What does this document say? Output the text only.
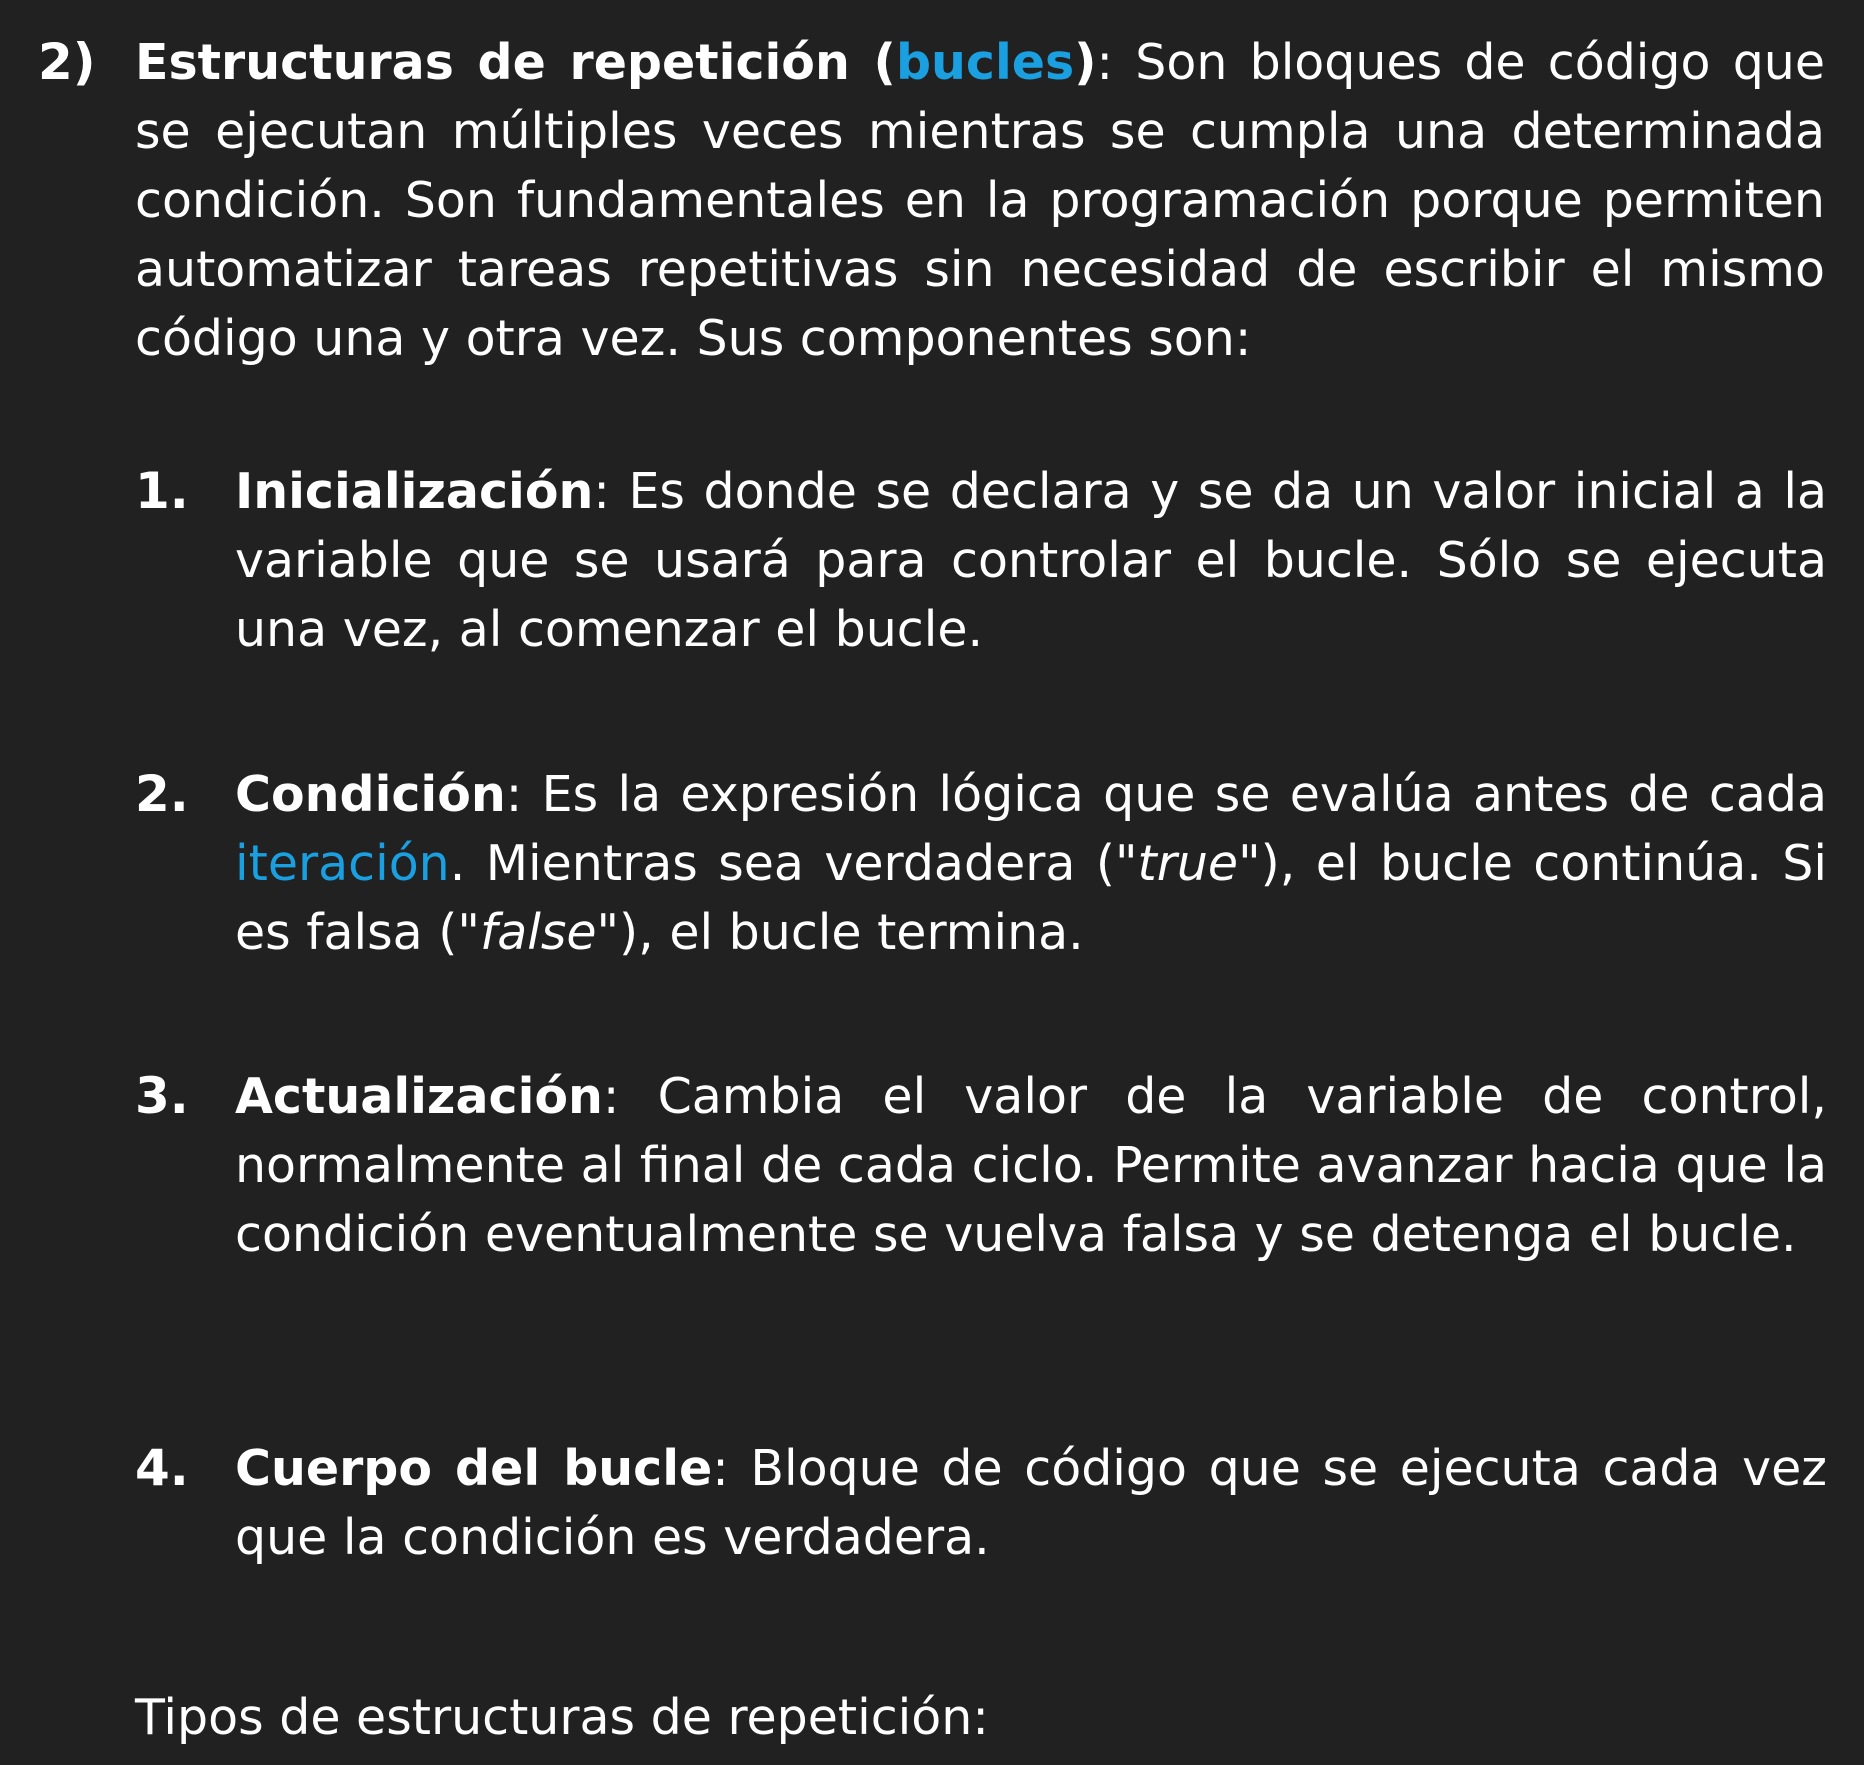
2) Estructuras de repetición (bucles): Son bloques de código que se ejecutan múltiples veces mientras se cumpla una determinada condición. Son fundamentales en la programación porque permiten automatizar tareas repetitivas sin necesidad de escribir el mismo código una y otra vez. Sus componentes son:
1. Inicialización: Es donde se declara y se da un valor inicial a la variable que se usará para controlar el bucle. Sólo se ejecuta una vez, al comenzar el bucle.
2. Condición: Es la expresión lógica que se evalúa antes de cada iteración. Mientras sea verdadera ("true"), el bucle continúa. Si es falsa ("false"), el bucle termina.
3. Actualización: Cambia el valor de la variable de control, normalmente al final de cada ciclo. Permite avanzar hacia que la condición eventualmente se vuelva falsa y se detenga el bucle.
4. Cuerpo del bucle: Bloque de código que se ejecuta cada vez que la condición es verdadera.
Tipos de estructuras de repetición:
